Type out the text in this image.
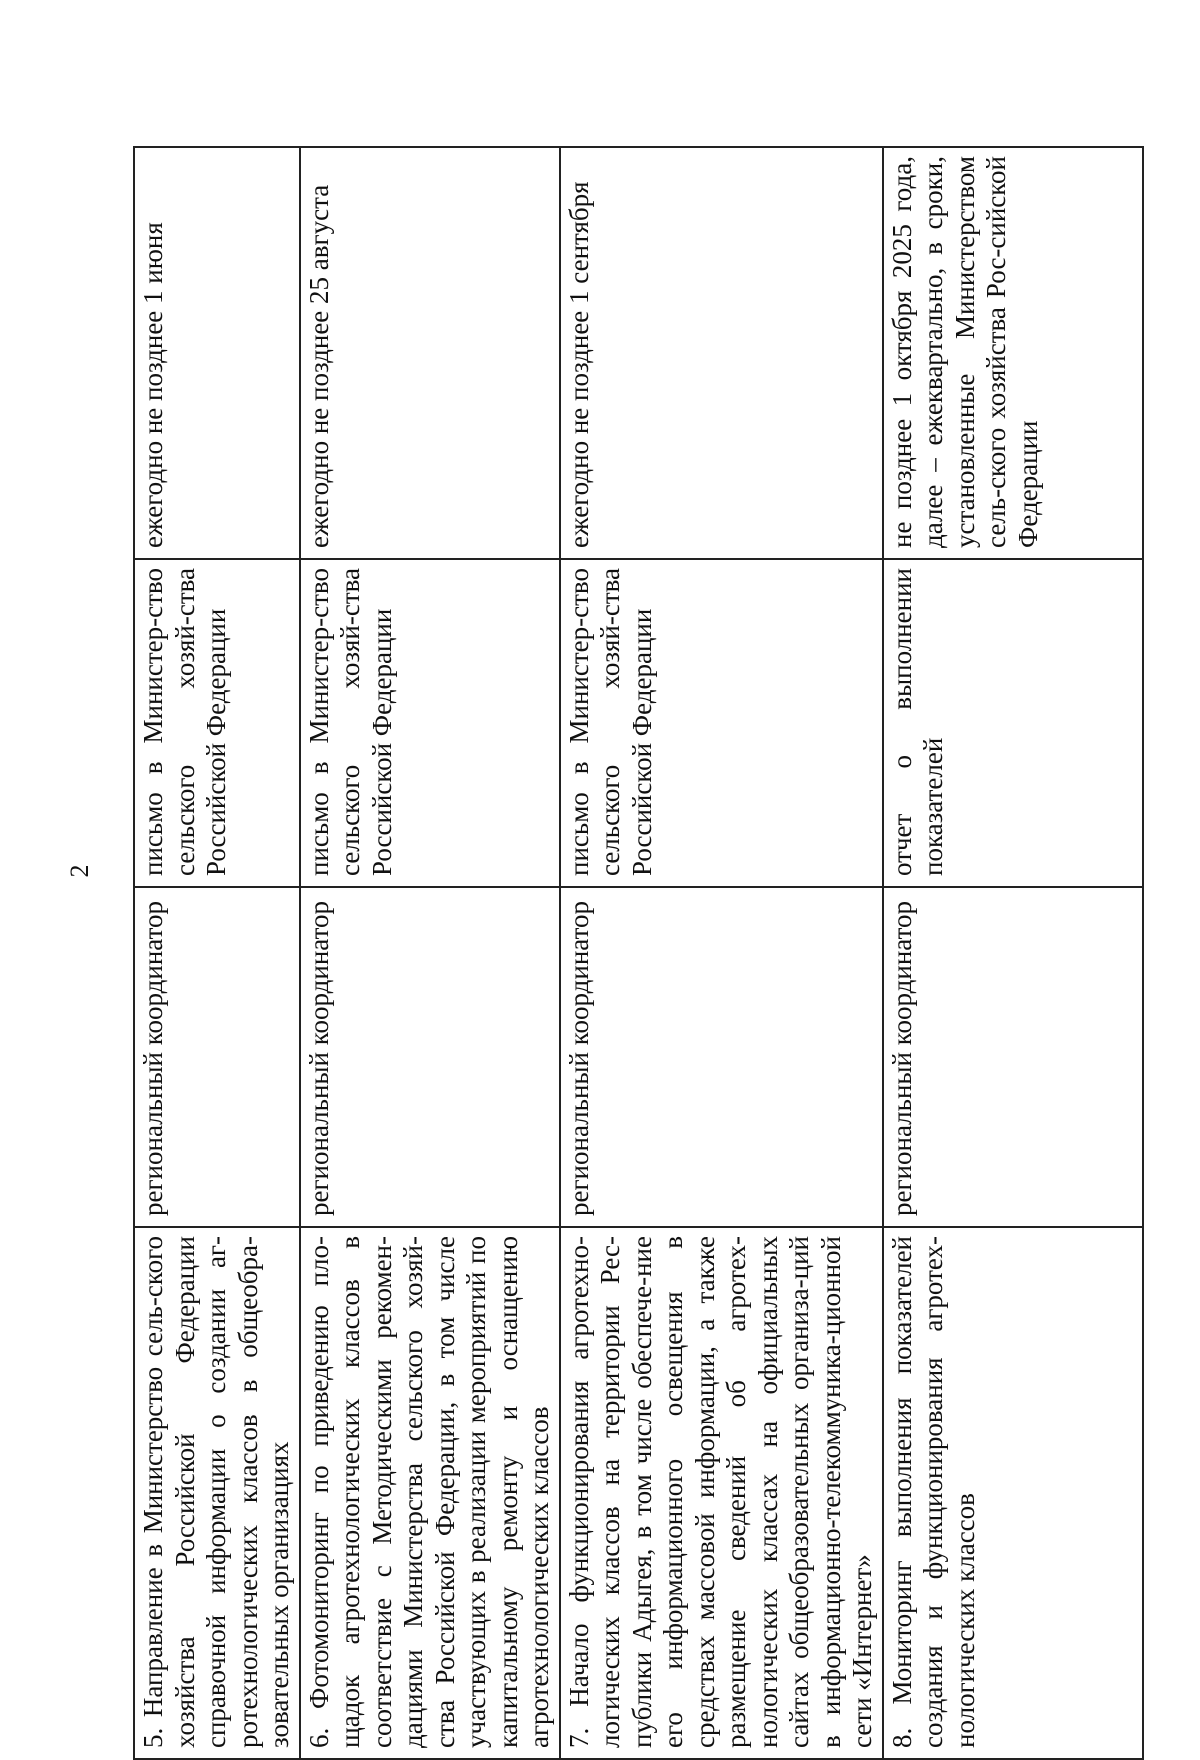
2
5. Направление в Министерство сель-ского хозяйства Российской Федерации справочной информации о создании аг-ротехнологических классов в общеобра-зовательных организациях	региональный координатор	письмо в Министер-ство сельского хозяй-ства Российской Федерации	ежегодно не позднее 1 июня
6. Фотомониторинг по приведению пло-щадок агротехнологических классов в соответствие с Методическими рекомен-дациями Министерства сельского хозяй-ства Российской Федерации, в том числе участвующих в реализации мероприятий по капитальному ремонту и оснащению агротехнологических классов	региональный координатор	письмо в Министер-ство сельского хозяй-ства Российской Федерации	ежегодно не позднее 25 августа
7. Начало функционирования агротехно-логических классов на территории Рес-публики Адыгея, в том числе обеспече-ние его информационного освещения в средствах массовой информации, а также размещение сведений об агротех-нологических классах на официальных сайтах общеобразовательных организа-ций в информационно-телекоммуника-ционной сети «Интернет»	региональный координатор	письмо в Министер-ство сельского хозяй-ства Российской Федерации	ежегодно не позднее 1 сентября
8. Мониторинг выполнения показателей создания и функционирования агротех-нологических классов	региональный координатор	отчет о выполнении показателей	не позднее 1 октября 2025 года, далее – ежеквартально, в сроки, установленные Министерством сель-ского хозяйства Рос-сийской Федерации
